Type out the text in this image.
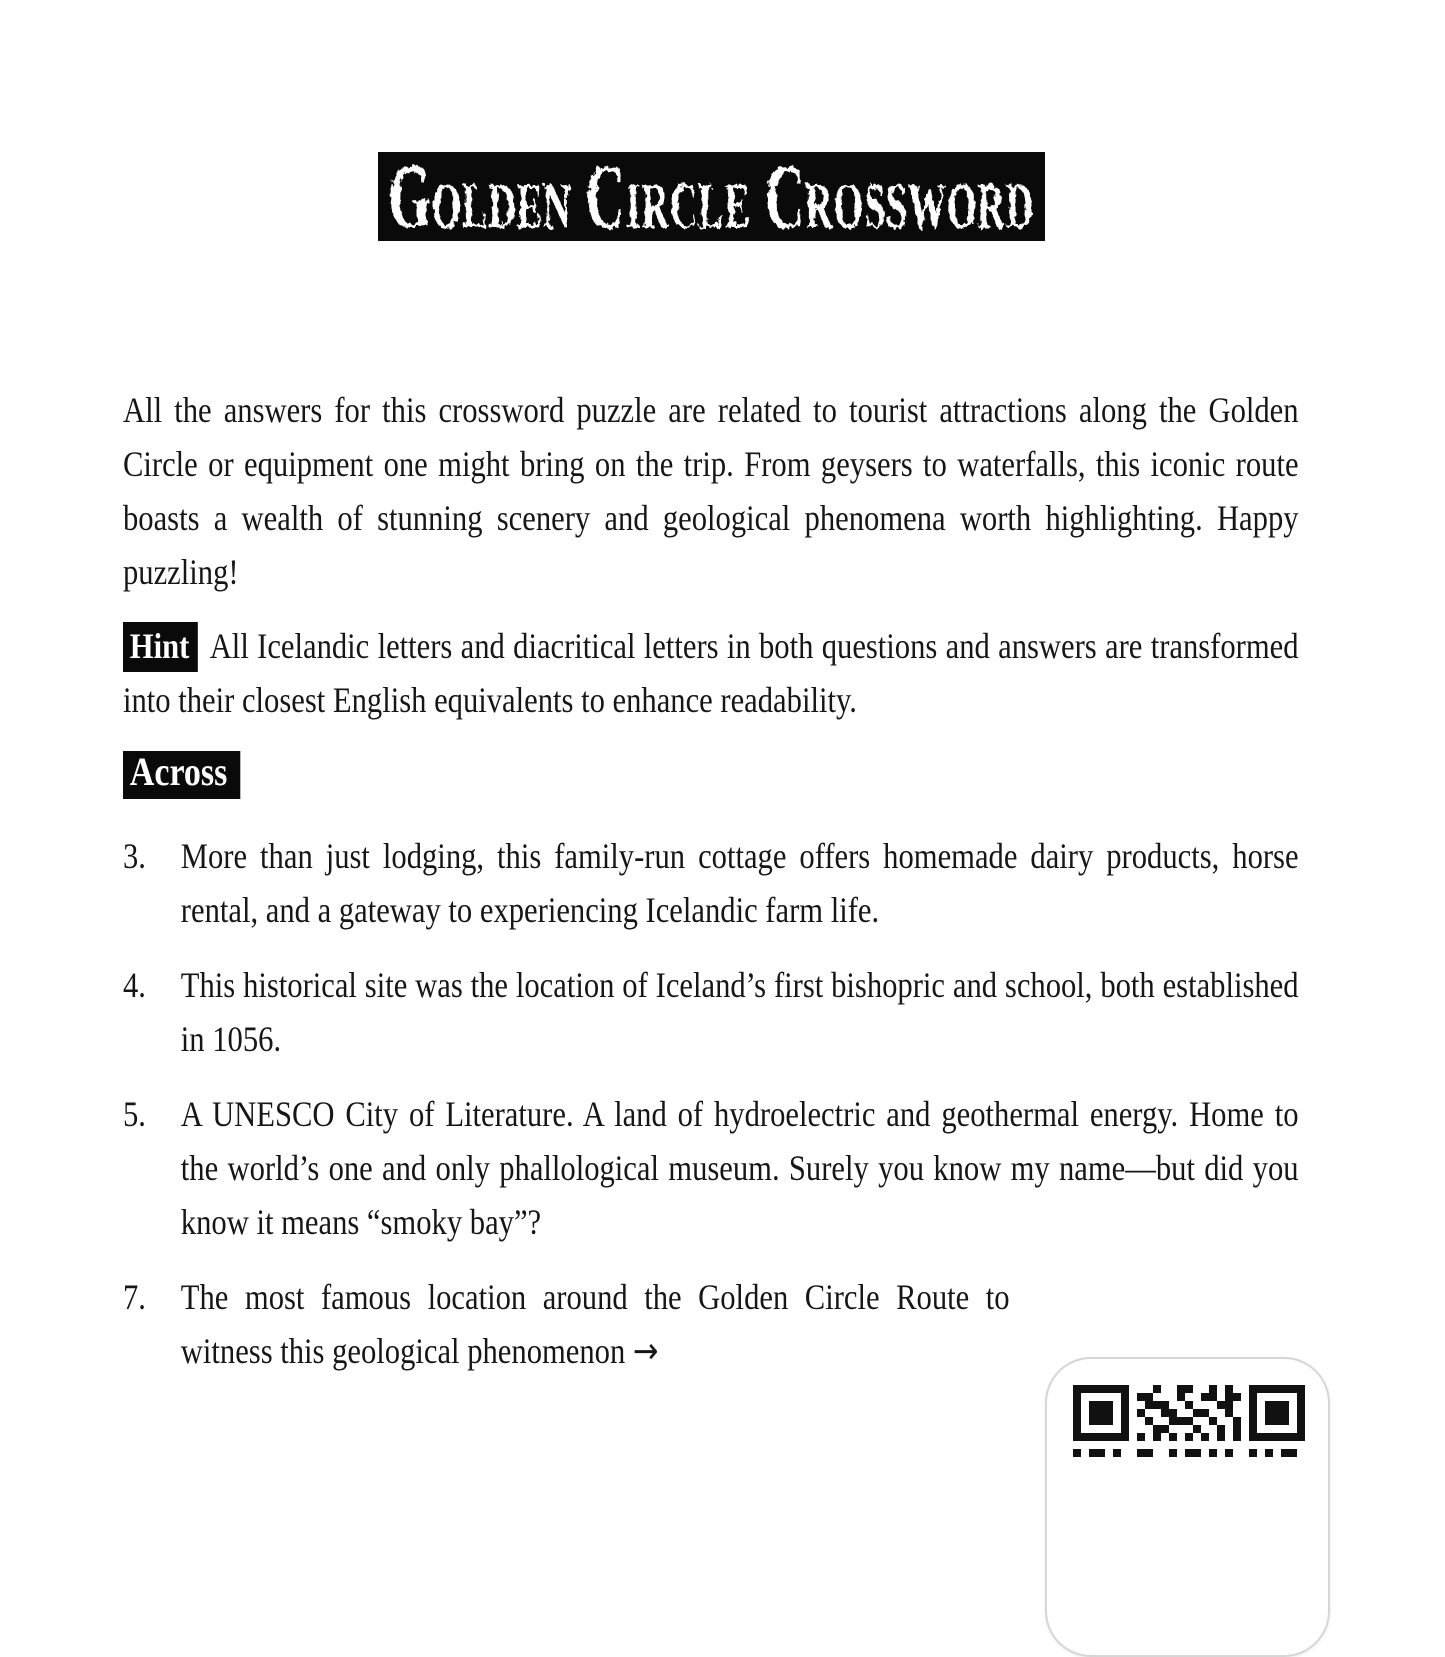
Golden Circle Crossword

All the answers for this crossword puzzle are related to tourist attractions along the Golden Circle or equipment one might bring on the trip. From geysers to waterfalls, this iconic route boasts a wealth of stunning scenery and geological phenomena worth highlighting. Happy puzzling!

Hint All Icelandic letters and diacritical letters in both questions and answers are transformed into their closest English equivalents to enhance readability.

Across
3. More than just lodging, this family-run cottage offers homemade dairy products, horse rental, and a gateway to experiencing Icelandic farm life.
4. This historical site was the location of Iceland’s first bishopric and school, both established in 1056.
5. A UNESCO City of Literature. A land of hydroelectric and geothermal energy. Home to the world’s one and only phallological museum. Surely you know my name—but did you know it means “smoky bay”?
7. The most famous location around the Golden Circle Route to witness this geological phenomenon →
